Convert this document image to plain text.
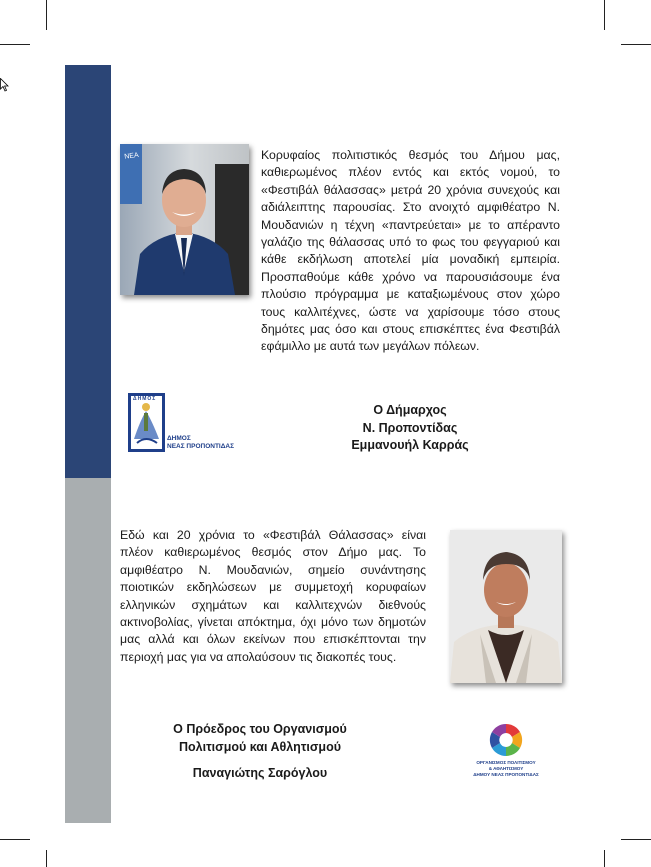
ΝΕΑ	Κορυφαίος πολιτιστικός θεσμός του Δήμου μας, καθιερωμένος πλέον εντός και εκτός νομού, το «Φεστιβάλ θάλασσας» μετρά 20 χρόνια συνεχούς και αδιάλειπτης παρουσίας. Στο ανοιχτό αμφιθέατρο Ν. Μουδανιών η τέχνη «παντρεύεται» με το απέραντο γαλάζιο της θάλασσας υπό το φως του φεγγαριού και κάθε εκδήλωση αποτελεί μία μοναδική εμπειρία. Προσπαθούμε κάθε χρόνο να παρουσιάσουμε ένα πλούσιο πρόγραμμα με καταξιωμένους στον χώρο τους καλλιτέχνες, ώστε να χαρίσουμε τόσο στους δημότες μας όσο και στους επισκέπτες ένα Φεστιβάλ εφάμιλλο με αυτά των μεγάλων πόλεων.

ΔΗΜΟΣ
ΔΗΜΟΣ
ΝΕΑΣ ΠΡΟΠΟΝΤΙΔΑΣ
Ο Δήμαρχος
Ν. Προποντίδας
Εμμανουήλ Καρράς

Εδώ και 20 χρόνια το «Φεστιβάλ Θάλασσας» είναι πλέον καθιερωμένος θεσμός στον Δήμο μας. Το αμφιθέατρο Ν. Μουδανιών, σημείο συνάντησης ποιοτικών εκδηλώσεων με συμμετοχή κορυφαίων ελληνικών σχημάτων και καλλιτεχνών διεθνούς ακτινοβολίας, γίνεται απόκτημα, όχι μόνο των δημοτών μας αλλά και όλων εκείνων που επισκέπτονται την περιοχή μας για να απολαύσουν τις διακοπές τους.

Ο Πρόεδρος του Οργανισμού
Πολιτισμού και Αθλητισμού
Παναγιώτης Σαρόγλου
ΟΡΓΑΝΙΣΜΟΣ ΠΟΛΙΤΙΣΜΟΥ
& ΑΘΛΗΤΙΣΜΟΥ
ΔΗΜΟΥ ΝΕΑΣ ΠΡΟΠΟΝΤΙΔΑΣ
